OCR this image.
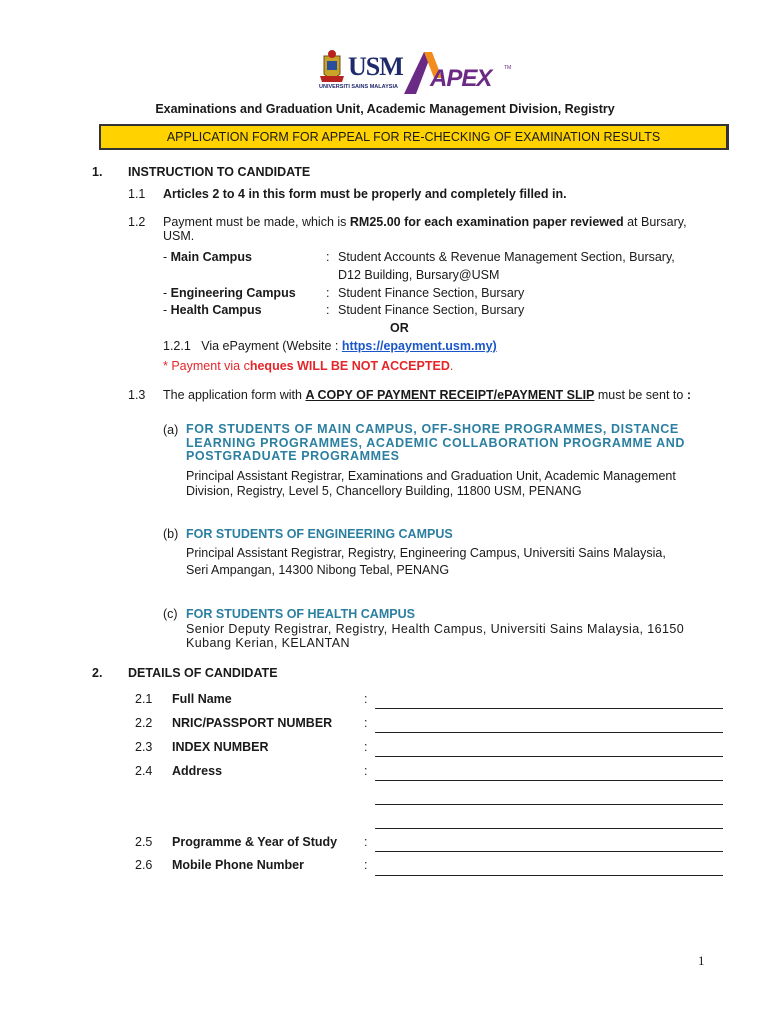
USM
UNIVERSITI SAINS MALAYSIA APEX	TM
Examinations and Graduation Unit, Academic Management Division, Registry
APPLICATION FORM FOR APPEAL FOR RE-CHECKING OF EXAMINATION RESULTS
1. INSTRUCTION TO CANDIDATE
1.1 Articles 2 to 4 in this form must be properly and completely filled in.
1.2 Payment must be made, which is RM25.00 for each examination paper reviewed at Bursary,
USM.
- Main Campus	: Student Accounts & Revenue Management Section, Bursary,
D12 Building, Bursary@USM
- Engineering Campus : Student Finance Section, Bursary
- Health Campus	: Student Finance Section, Bursary
OR
1.2.1 Via ePayment (Website : https://epayment.usm.my)
* Payment via cheques WILL BE NOT ACCEPTED.
1.3 The application form with A COPY OF PAYMENT RECEIPT/ePAYMENT SLIP must be sent to :
(a) FOR STUDENTS OF MAIN CAMPUS, OFF-SHORE PROGRAMMES, DISTANCE
LEARNING PROGRAMMES, ACADEMIC COLLABORATION PROGRAMME AND
POSTGRADUATE PROGRAMMES
Principal Assistant Registrar, Examinations and Graduation Unit, Academic Management
Division, Registry, Level 5, Chancellory Building, 11800 USM, PENANG
(b) FOR STUDENTS OF ENGINEERING CAMPUS
Principal Assistant Registrar, Registry, Engineering Campus, Universiti Sains Malaysia,
Seri Ampangan, 14300 Nibong Tebal, PENANG
(c) FOR STUDENTS OF HEALTH CAMPUS
Senior Deputy Registrar, Registry, Health Campus, Universiti Sains Malaysia, 16150
Kubang Kerian, KELANTAN
2. DETAILS OF CANDIDATE
2.1 Full Name	:
2.2 NRIC/PASSPORT NUMBER	:
2.3 INDEX NUMBER	:
2.4 Address	:
2.5 Programme & Year of Study :
2.6 Mobile Phone Number	:
1
